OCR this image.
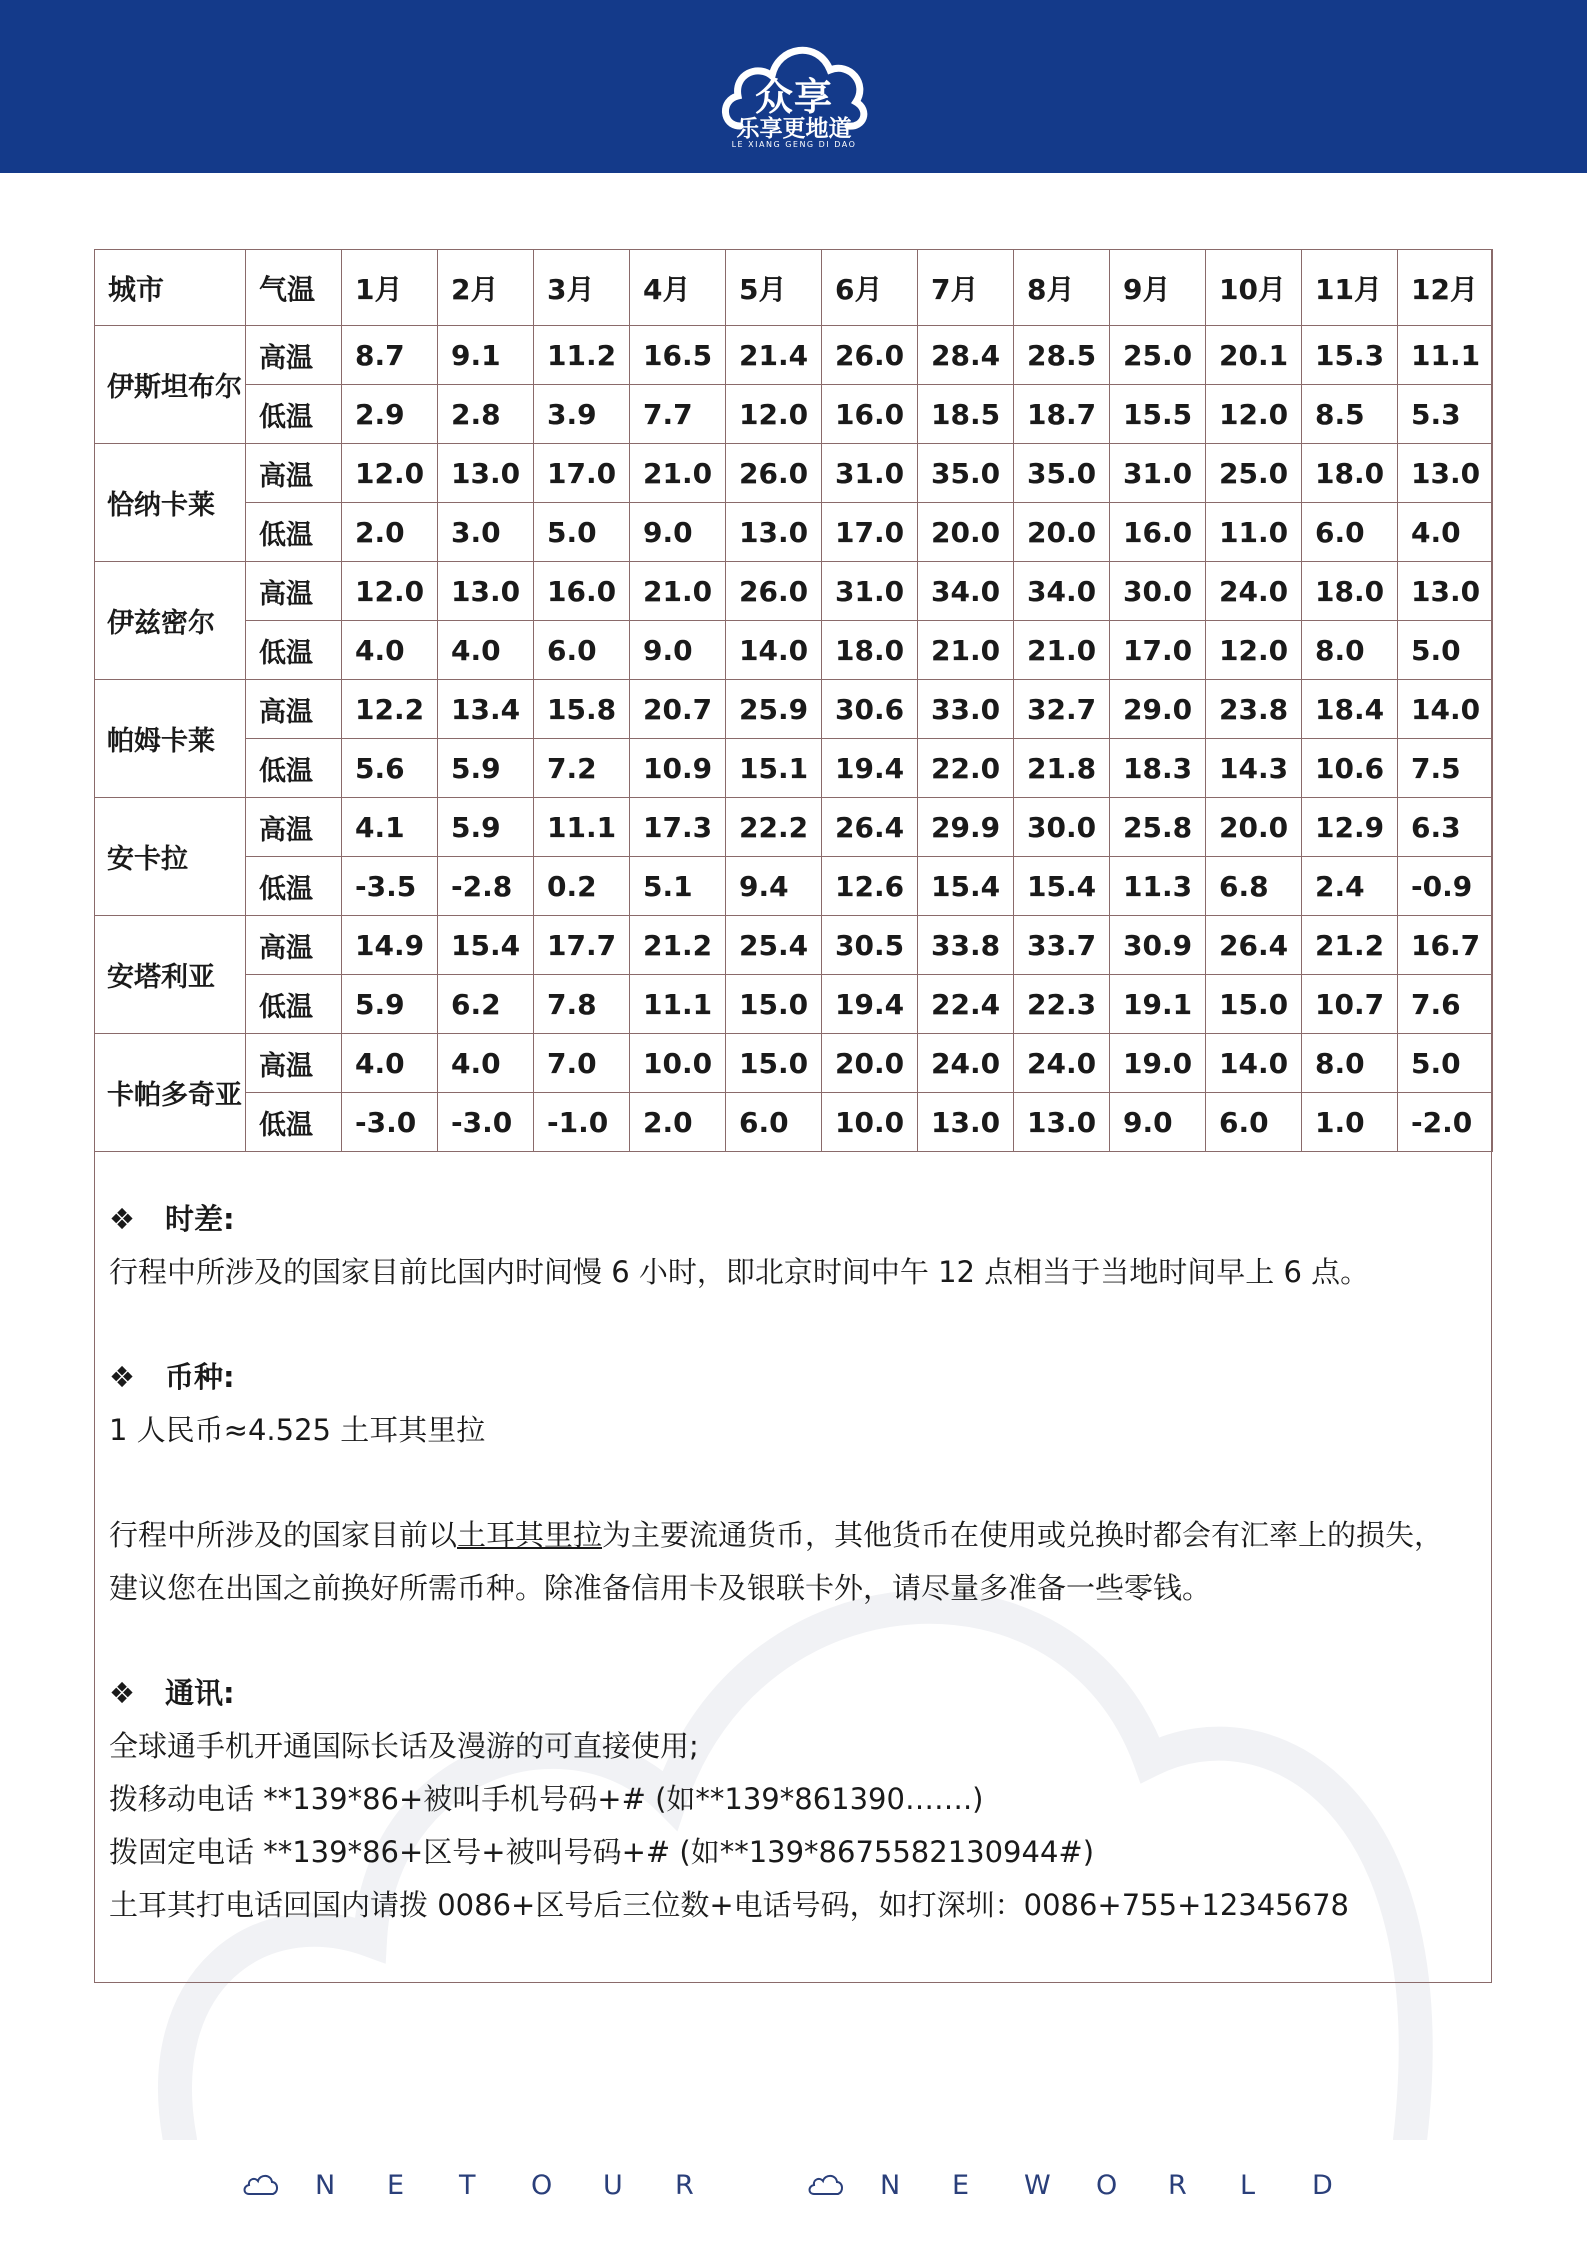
众享
乐享更地道
LE XIANG GENG DI DAO
城市	气温	1月	2月	3月	4月	5月	6月	7月	8月	9月	10月	11月	12月
伊斯坦布尔	高温	8.7	9.1	11.2	16.5	21.4	26.0	28.4	28.5	25.0	20.1	15.3	11.1
	低温	2.9	2.8	3.9	7.7	12.0	16.0	18.5	18.7	15.5	12.0	8.5	5.3
恰纳卡莱	高温	12.0	13.0	17.0	21.0	26.0	31.0	35.0	35.0	31.0	25.0	18.0	13.0
	低温	2.0	3.0	5.0	9.0	13.0	17.0	20.0	20.0	16.0	11.0	6.0	4.0
伊兹密尔	高温	12.0	13.0	16.0	21.0	26.0	31.0	34.0	34.0	30.0	24.0	18.0	13.0
	低温	4.0	4.0	6.0	9.0	14.0	18.0	21.0	21.0	17.0	12.0	8.0	5.0
帕姆卡莱	高温	12.2	13.4	15.8	20.7	25.9	30.6	33.0	32.7	29.0	23.8	18.4	14.0
	低温	5.6	5.9	7.2	10.9	15.1	19.4	22.0	21.8	18.3	14.3	10.6	7.5
安卡拉	高温	4.1	5.9	11.1	17.3	22.2	26.4	29.9	30.0	25.8	20.0	12.9	6.3
	低温	-3.5	-2.8	0.2	5.1	9.4	12.6	15.4	15.4	11.3	6.8	2.4	-0.9
安塔利亚	高温	14.9	15.4	17.7	21.2	25.4	30.5	33.8	33.7	30.9	26.4	21.2	16.7
	低温	5.9	6.2	7.8	11.1	15.0	19.4	22.4	22.3	19.1	15.0	10.7	7.6
卡帕多奇亚	高温	4.0	4.0	7.0	10.0	15.0	20.0	24.0	24.0	19.0	14.0	8.0	5.0
	低温	-3.0	-3.0	-1.0	2.0	6.0	10.0	13.0	13.0	9.0	6.0	1.0	-2.0
❖ 时差:
行程中所涉及的国家目前比国内时间慢 6 小时，即北京时间中午 12 点相当于当地时间早上 6 点。
❖ 币种:
1 人民币≈4.525 土耳其里拉
行程中所涉及的国家目前以土耳其里拉为主要流通货币，其他货币在使用或兑换时都会有汇率上的损失，
建议您在出国之前换好所需币种。除准备信用卡及银联卡外，请尽量多准备一些零钱。
❖ 通讯:
全球通手机开通国际长话及漫游的可直接使用;
拨移动电话 **139*86+被叫手机号码+# (如**139*861390…….)
拨固定电话 **139*86+区号+被叫号码+# (如**139*8675582130944#)
土耳其打电话回国内请拨 0086+区号后三位数+电话号码，如打深圳：0086+755+12345678
N	E	T	O	U	R	N	E	W	O	R	L	D
